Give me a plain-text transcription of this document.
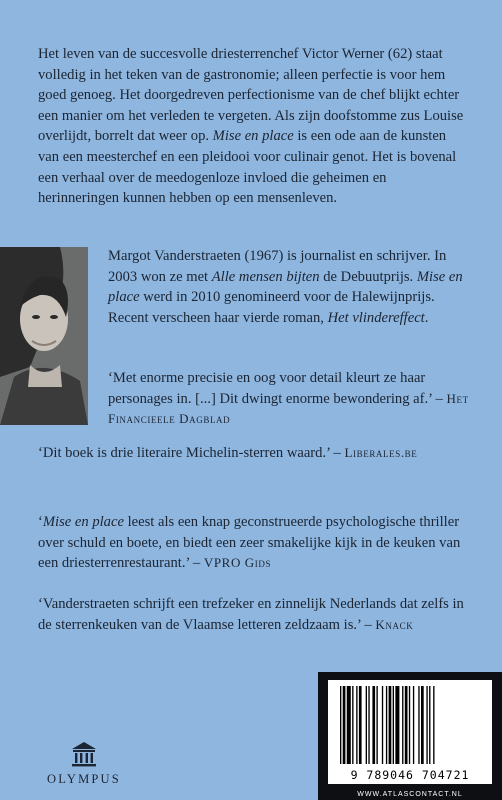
Het leven van de succesvolle driesterrenchef Victor Werner (62) staat volledig in het teken van de gastronomie; alleen perfectie is voor hem goed genoeg. Het doorgedreven perfectionisme van de chef blijkt echter een manier om het verleden te vergeten. Als zijn doofstomme zus Louise overlijdt, borrelt dat weer op. Mise en place is een ode aan de kunsten van een meesterchef en een pleidooi voor culinair genot. Het is bovenal een verhaal over de meedogenloze invloed die geheimen en herinneringen kunnen hebben op een mensenleven.

Margot Vanderstraeten (1967) is journalist en schrijver. In 2003 won ze met Alle mensen bijten de Debuutprijs. Mise en place werd in 2010 genomineerd voor de Halewijnprijs. Recent verscheen haar vierde roman, Het vlindereffect.

‘Met enorme precisie en oog voor detail kleurt ze haar personages in. [...] Dit dwingt enorme bewondering af.’ – Het Financieele Dagblad

‘Dit boek is drie literaire Michelin-sterren waard.’ – Liberales.be

‘Mise en place leest als een knap geconstrueerde psychologische thriller over schuld en boete, en biedt een zeer smakelijke kijk in de keuken van een driesterrenrestaurant.’ – VPRO Gids

‘Vanderstraeten schrijft een trefzeker en zinnelijk Nederlands dat zelfs in de sterrenkeuken van de Vlaamse letteren zeldzaam is.’ – Knack

OLYMPUS	9 789046 704721
WWW.ATLASCONTACT.NL
